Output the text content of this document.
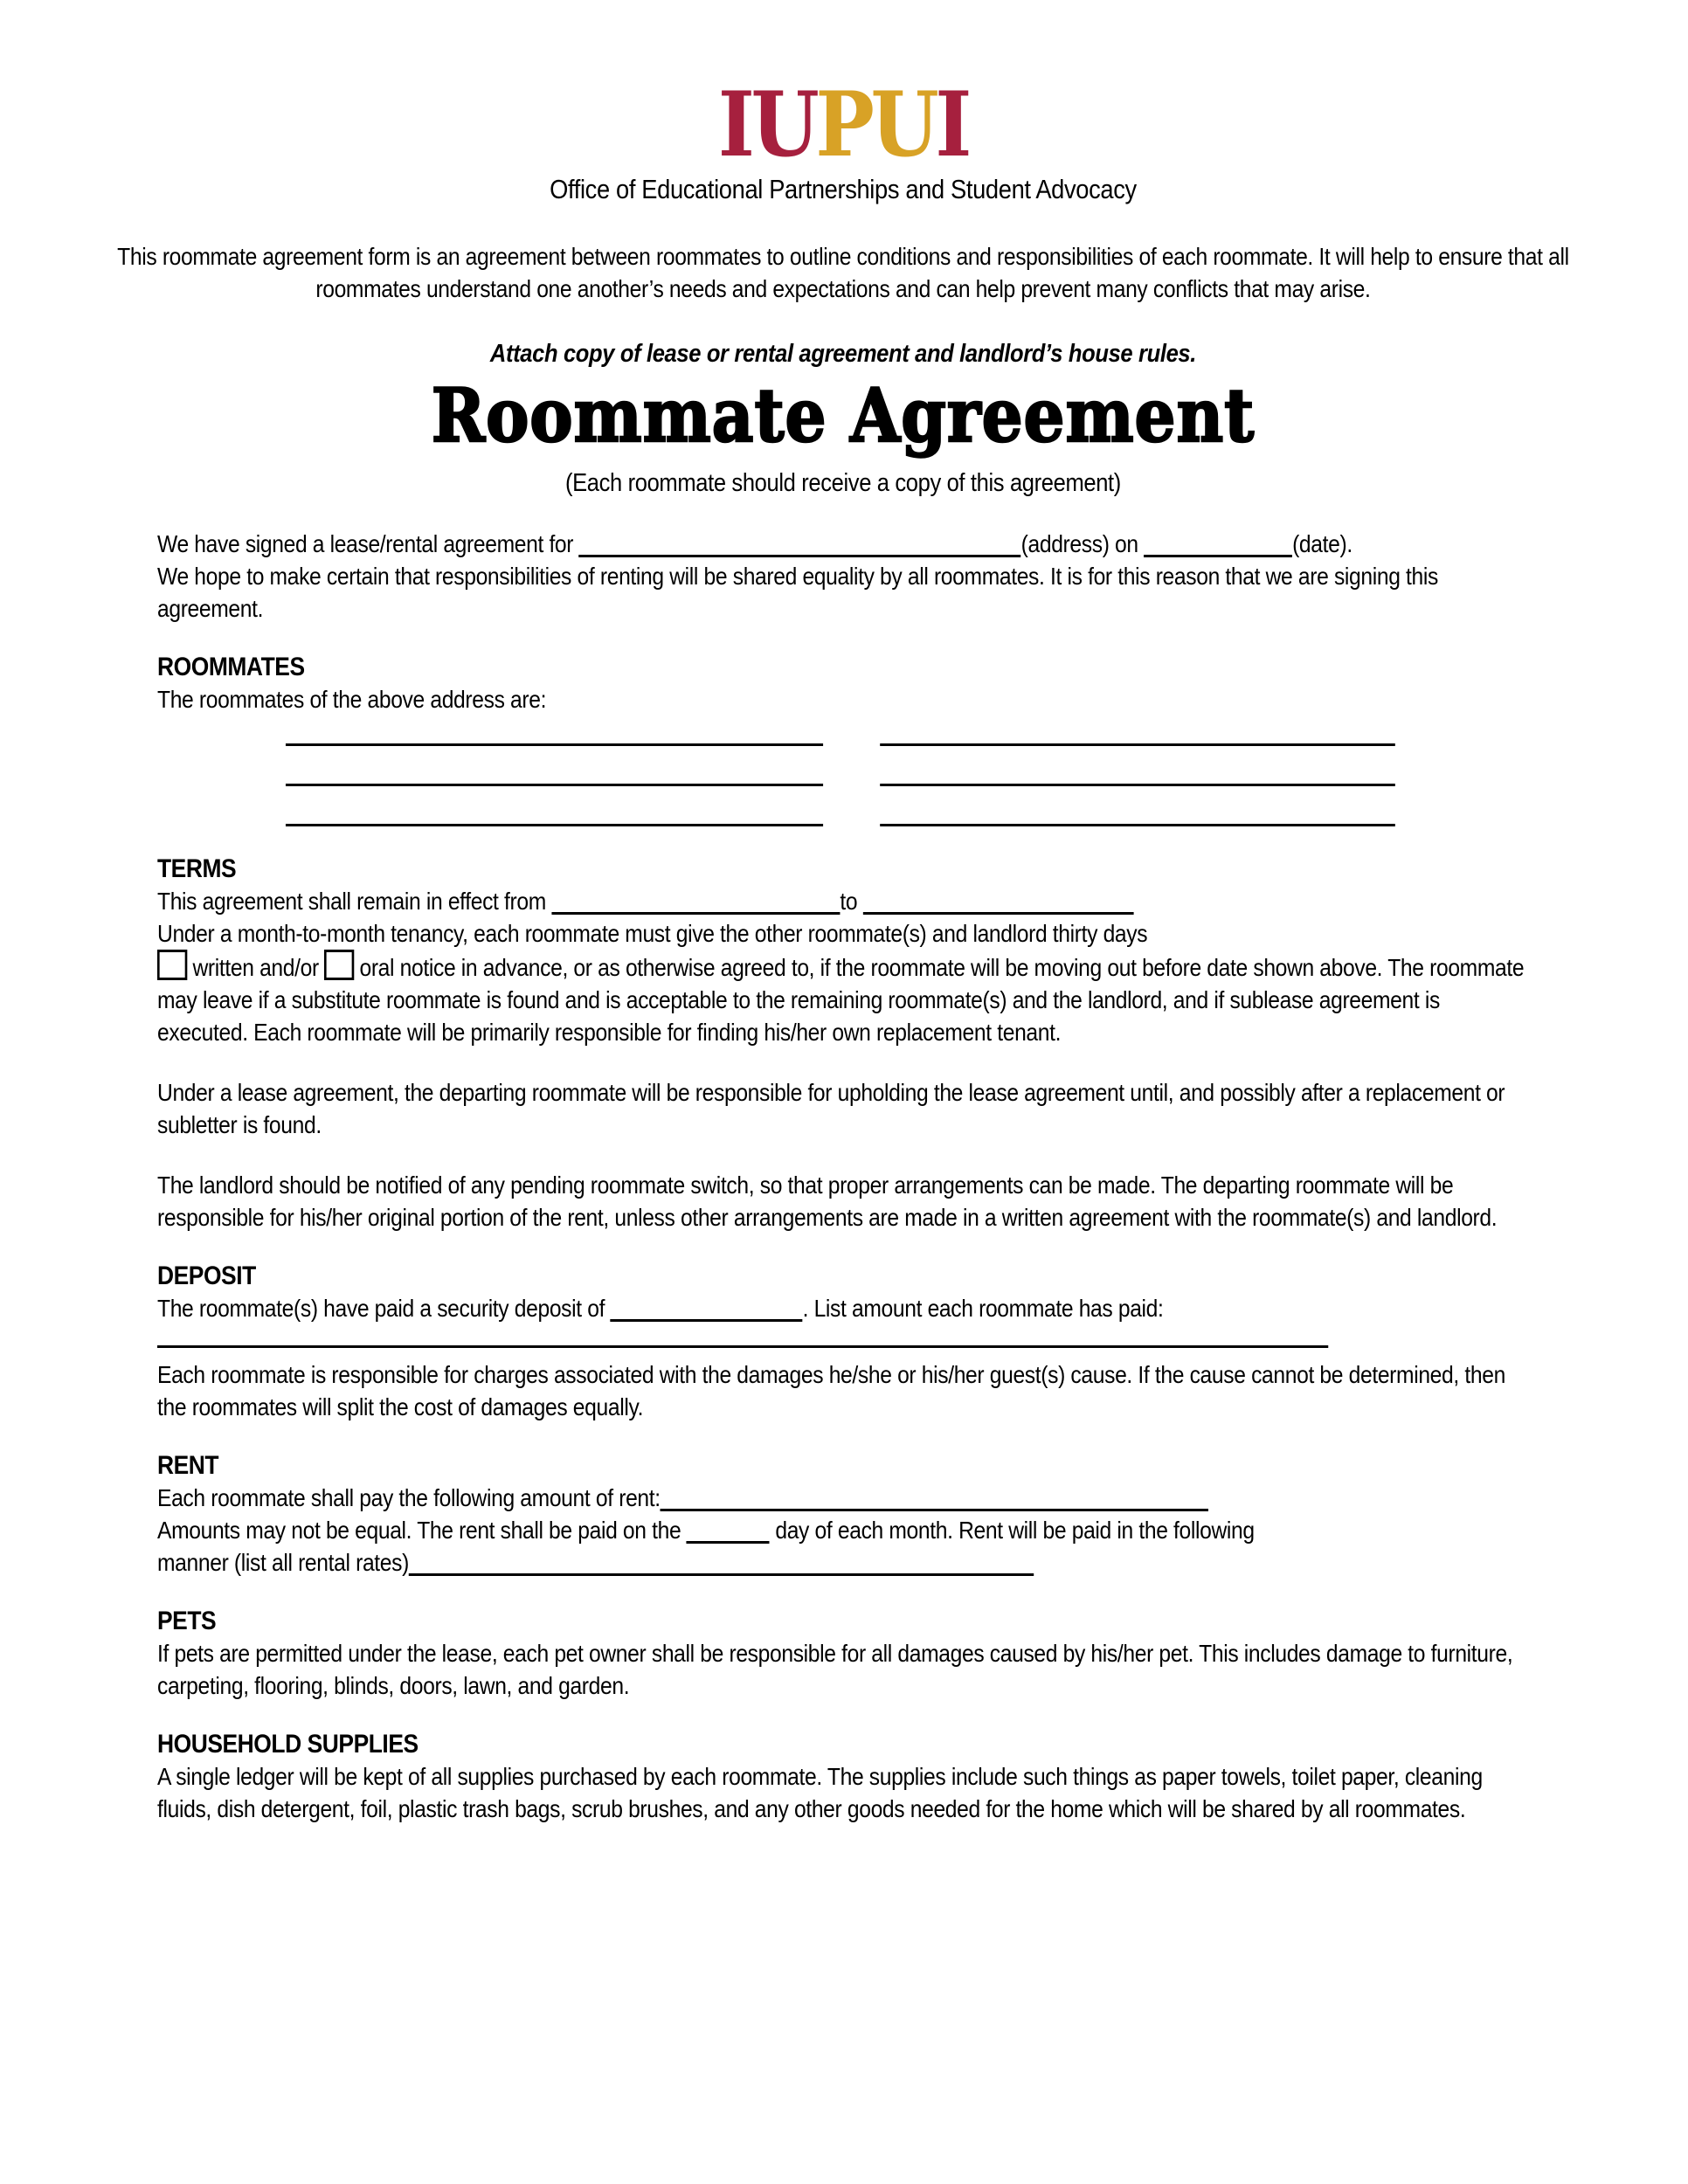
IUPUI
Office of Educational Partnerships and Student Advocacy
This roommate agreement form is an agreement between roommates to outline conditions and responsibilities of each roommate. It will help to ensure that all roommates understand one another’s needs and expectations and can help prevent many conflicts that may arise.
Attach copy of lease or rental agreement and landlord’s house rules.
Roommate Agreement
(Each roommate should receive a copy of this agreement)
We have signed a lease/rental agreement for	(address) on	(date).
We hope to make certain that responsibilities of renting will be shared equality by all roommates. It is for this reason that we are signing this agreement.
ROOMMATES
The roommates of the above address are:
TERMS
This agreement shall remain in effect from	to
Under a month-to-month tenancy, each roommate must give the other roommate(s) and landlord thirty days
written and/or oral notice in advance, or as otherwise agreed to, if the roommate will be moving out before date shown above. The roommate may leave if a substitute roommate is found and is acceptable to the remaining roommate(s) and the landlord, and if sublease agreement is executed. Each roommate will be primarily responsible for finding his/her own replacement tenant.
Under a lease agreement, the departing roommate will be responsible for upholding the lease agreement until, and possibly after a replacement or subletter is found.
The landlord should be notified of any pending roommate switch, so that proper arrangements can be made. The departing roommate will be responsible for his/her original portion of the rent, unless other arrangements are made in a written agreement with the roommate(s) and landlord.
DEPOSIT
The roommate(s) have paid a security deposit of	. List amount each roommate has paid:
Each roommate is responsible for charges associated with the damages he/she or his/her guest(s) cause. If the cause cannot be determined, then the roommates will split the cost of damages equally.
RENT
Each roommate shall pay the following amount of rent:
Amounts may not be equal. The rent shall be paid on the	day of each month. Rent will be paid in the following
manner (list all rental rates)
PETS
If pets are permitted under the lease, each pet owner shall be responsible for all damages caused by his/her pet. This includes damage to furniture, carpeting, flooring, blinds, doors, lawn, and garden.
HOUSEHOLD SUPPLIES
A single ledger will be kept of all supplies purchased by each roommate. The supplies include such things as paper towels, toilet paper, cleaning fluids, dish detergent, foil, plastic trash bags, scrub brushes, and any other goods needed for the home which will be shared by all roommates.
